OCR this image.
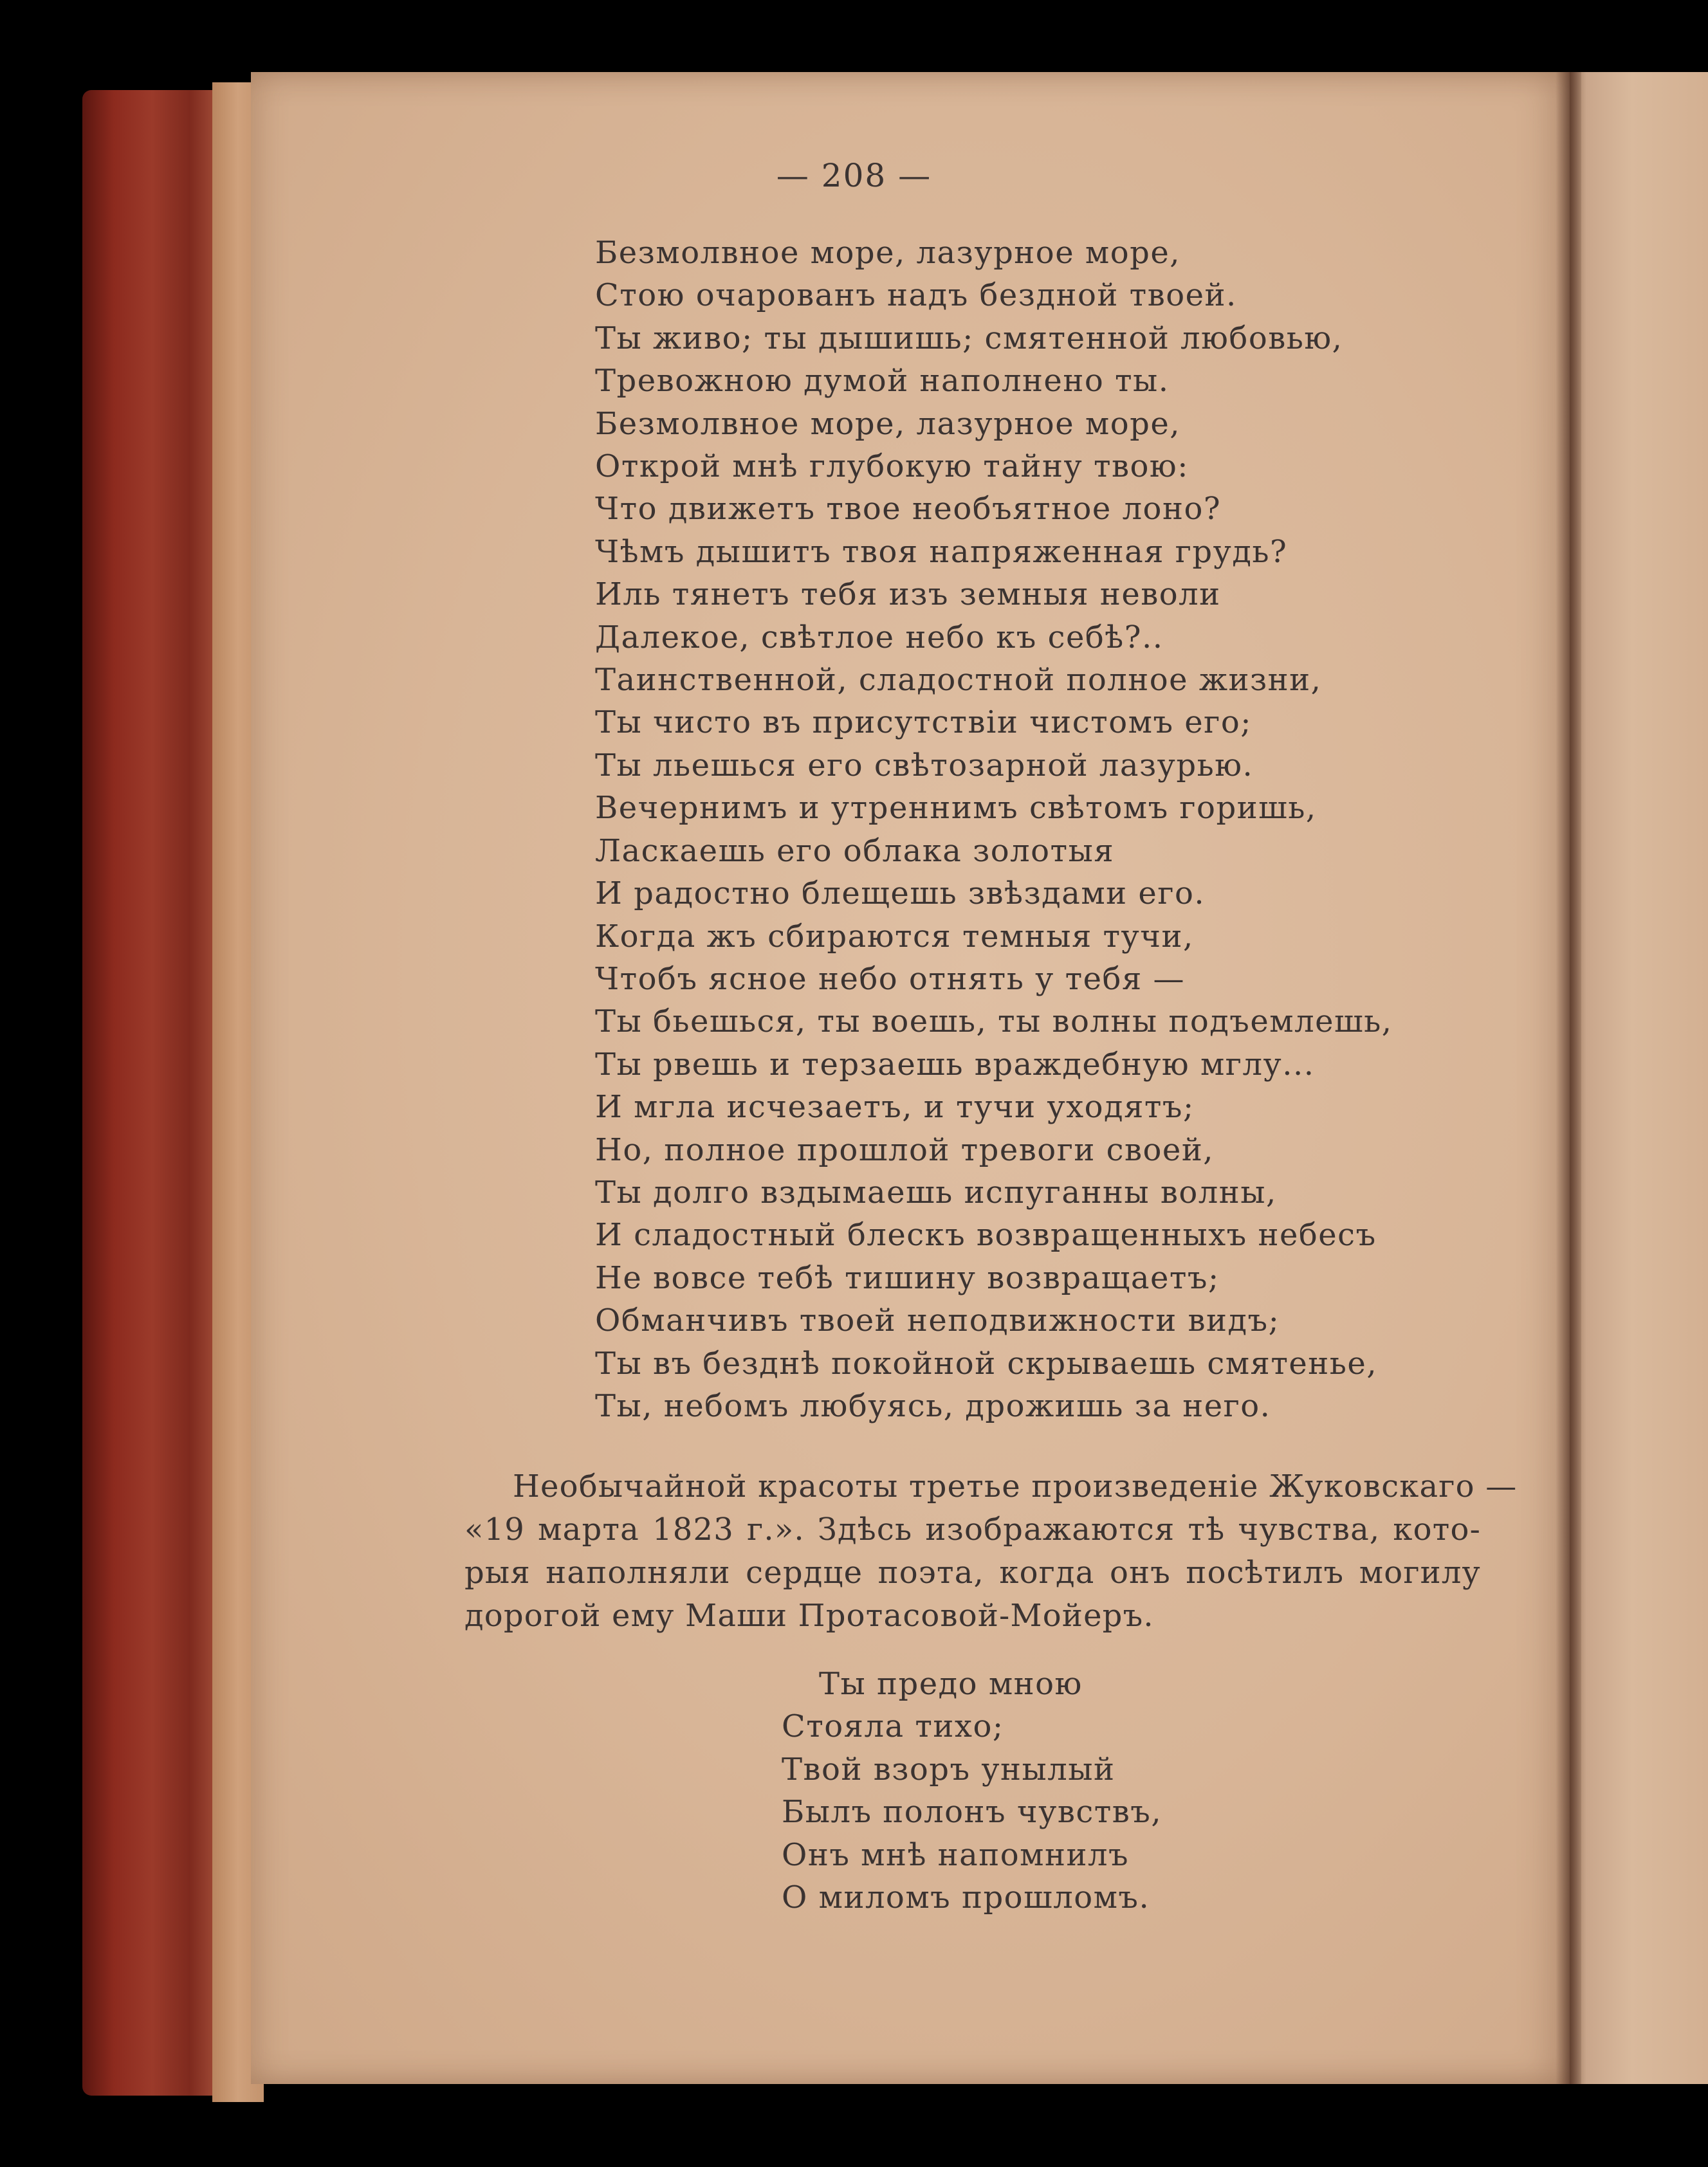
— 208 —
Безмолвное море, лазурное море,
Стою очарованъ надъ бездной твоей.
Ты живо; ты дышишь; смятенной любовью,
Тревожною думой наполнено ты.
Безмолвное море, лазурное море,
Открой мнѣ глубокую тайну твою:
Что движетъ твое необъятное лоно?
Чѣмъ дышитъ твоя напряженная грудь?
Иль тянетъ тебя изъ земныя неволи
Далекое, свѣтлое небо къ себѣ?..
Таинственной, сладостной полное жизни,
Ты чисто въ присутствiи чистомъ его;
Ты льешься его свѣтозарной лазурью.
Вечернимъ и утреннимъ свѣтомъ горишь,
Ласкаешь его облака золотыя
И радостно блещешь звѣздами его.
Когда жъ сбираются темныя тучи,
Чтобъ ясное небо отнять у тебя —
Ты бьешься, ты воешь, ты волны подъемлешь,
Ты рвешь и терзаешь враждебную мглу...
И мгла исчезаетъ, и тучи уходятъ;
Но, полное прошлой тревоги своей,
Ты долго вздымаешь испуганны волны,
И сладостный блескъ возвращенныхъ небесъ
Не вовсе тебѣ тишину возвращаетъ;
Обманчивъ твоей неподвижности видъ;
Ты въ безднѣ покойной скрываешь смятенье,
Ты, небомъ любуясь, дрожишь за него.
Необычайной красоты третье произведенiе Жуковскаго —
«19 марта 1823 г.». Здѣсь изображаются тѣ чувства, кото-
рыя наполняли сердце поэта, когда онъ посѣтилъ могилу
дорогой ему Маши Протасовой-Мойеръ.
Ты предо мною
Стояла тихо;
Твой взоръ унылый
Былъ полонъ чувствъ,
Онъ мнѣ напомнилъ
О миломъ прошломъ.
